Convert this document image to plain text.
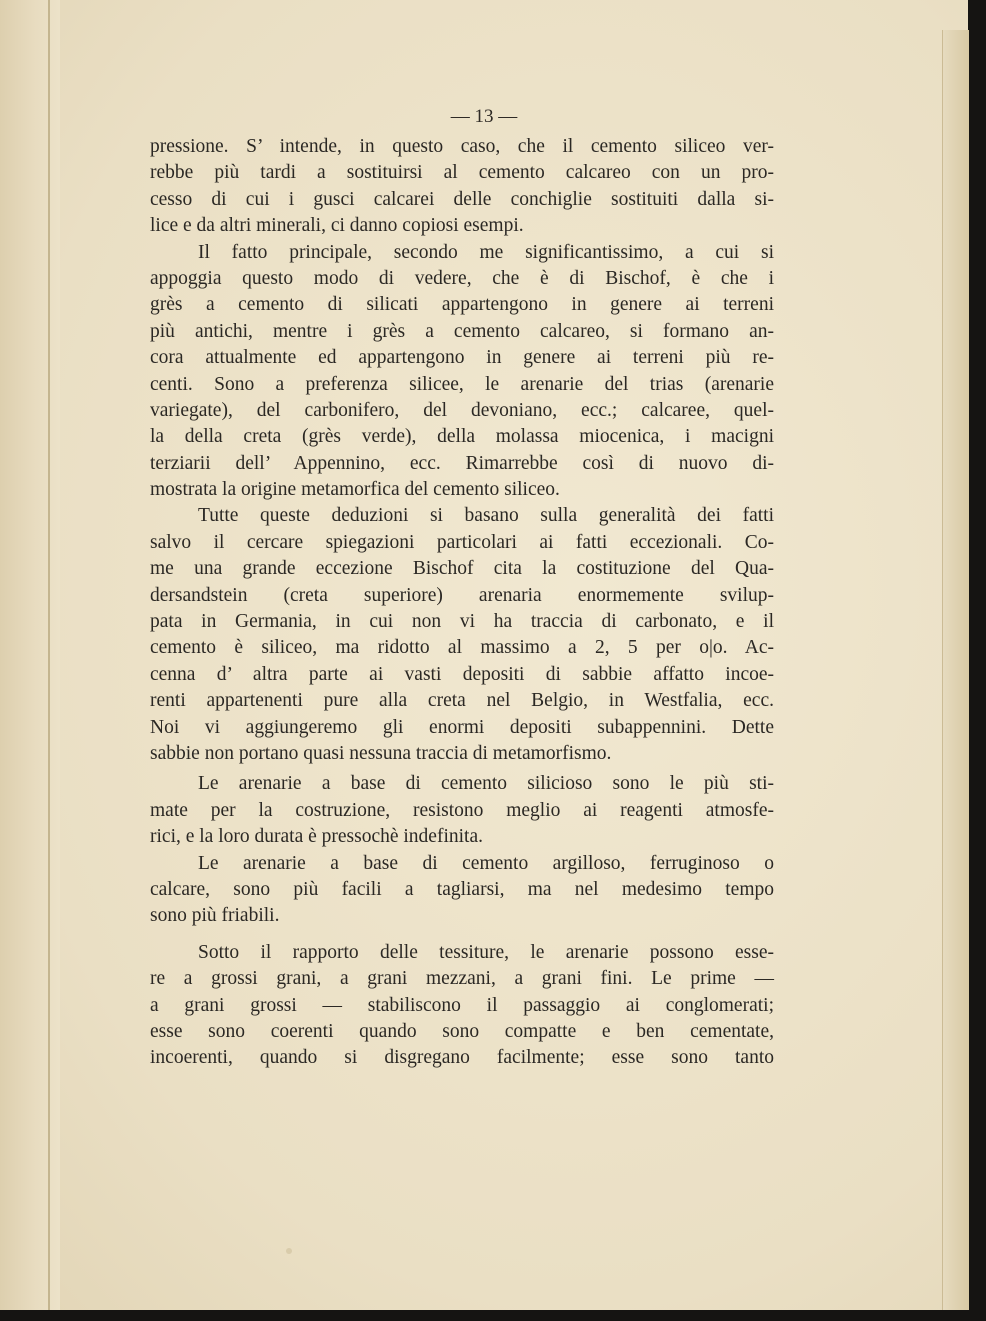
— 13 —
pressione. S’ intende, in questo caso, che il cemento siliceo ver-
rebbe più tardi a sostituirsi al cemento calcareo con un pro-
cesso di cui i gusci calcarei delle conchiglie sostituiti dalla si-
lice e da altri minerali, ci danno copiosi esempi.
Il fatto principale, secondo me significantissimo, a cui si
appoggia questo modo di vedere, che è di Bischof, è che i
grès a cemento di silicati appartengono in genere ai terreni
più antichi, mentre i grès a cemento calcareo, si formano an-
cora attualmente ed appartengono in genere ai terreni più re-
centi. Sono a preferenza silicee, le arenarie del trias (arenarie
variegate), del carbonifero, del devoniano, ecc.; calcaree, quel-
la della creta (grès verde), della molassa miocenica, i macigni
terziarii dell’ Appennino, ecc. Rimarrebbe così di nuovo di-
mostrata la origine metamorfica del cemento siliceo.
Tutte queste deduzioni si basano sulla generalità dei fatti
salvo il cercare spiegazioni particolari ai fatti eccezionali. Co-
me una grande eccezione Bischof cita la costituzione del Qua-
dersandstein (creta superiore) arenaria enormemente svilup-
pata in Germania, in cui non vi ha traccia di carbonato, e il
cemento è siliceo, ma ridotto al massimo a 2, 5 per o|o. Ac-
cenna d’ altra parte ai vasti depositi di sabbie affatto incoe-
renti appartenenti pure alla creta nel Belgio, in Westfalia, ecc.
Noi vi aggiungeremo gli enormi depositi subappennini. Dette
sabbie non portano quasi nessuna traccia di metamorfismo.
Le arenarie a base di cemento silicioso sono le più sti-
mate per la costruzione, resistono meglio ai reagenti atmosfe-
rici, e la loro durata è pressochè indefinita.
Le arenarie a base di cemento argilloso, ferruginoso o
calcare, sono più facili a tagliarsi, ma nel medesimo tempo
sono più friabili.
Sotto il rapporto delle tessiture, le arenarie possono esse-
re a grossi grani, a grani mezzani, a grani fini. Le prime —
a grani grossi — stabiliscono il passaggio ai conglomerati;
esse sono coerenti quando sono compatte e ben cementate,
incoerenti, quando si disgregano facilmente; esse sono tanto
